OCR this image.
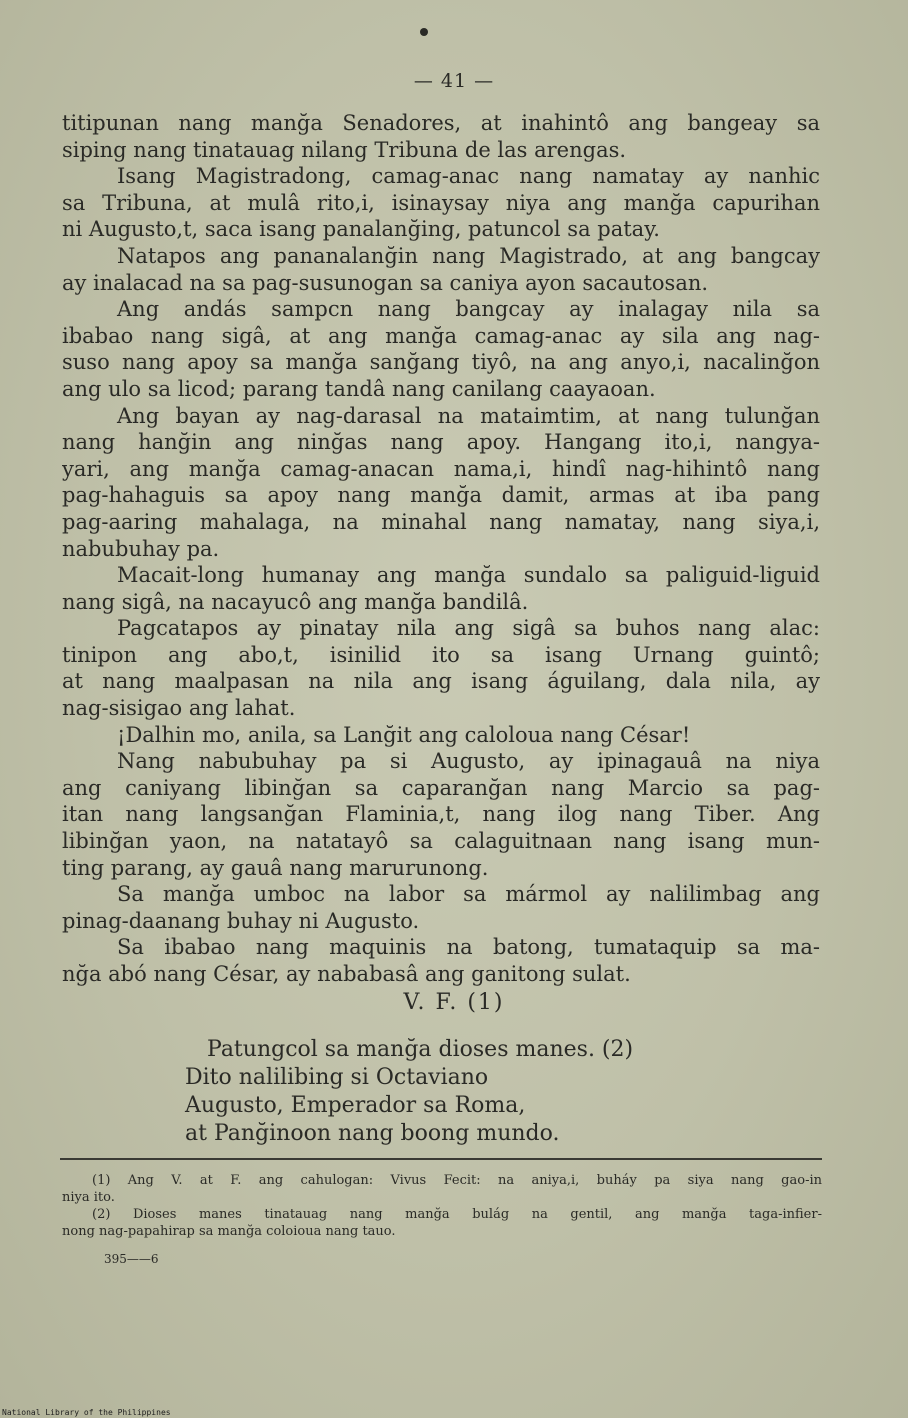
— 41 —
titipunan nang manğa Senadores, at inahintô ang bangeay sa
siping nang tinatauag nilang Tribuna de las arengas.
Isang Magistradong, camag-anac nang namatay ay nanhic
sa Tribuna, at mulâ rito,i, isinaysay niya ang manğa capurihan
ni Augusto,t, saca isang panalanğing, patuncol sa patay.
Natapos ang pananalanğin nang Magistrado, at ang bangcay
ay inalacad na sa pag-susunogan sa caniya ayon sacautosan.
Ang andás sampcn nang bangcay ay inalagay nila sa
ibabao nang sigâ, at ang manğa camag-anac ay sila ang nag-
suso nang apoy sa manğa sanğang tiyô, na ang anyo,i, nacalinğon
ang ulo sa licod; parang tandâ nang canilang caayaoan.
Ang bayan ay nag-darasal na mataimtim, at nang tulunğan
nang hanğin ang ninğas nang apoy. Hangang ito,i, nangya-
yari, ang manğa camag-anacan nama,i, hindî nag-hihintô nang
pag-hahaguis sa apoy nang manğa damit, armas at iba pang
pag-aaring mahalaga, na minahal nang namatay, nang siya,i,
nabubuhay pa.
Macait-long humanay ang manğa sundalo sa paliguid-liguid
nang sigâ, na nacayucô ang manğa bandilâ.
Pagcatapos ay pinatay nila ang sigâ sa buhos nang alac:
tinipon ang abo,t, isinilid ito sa isang Urnang guintô;
at nang maalpasan na nila ang isang águilang, dala nila, ay
nag-sisigao ang lahat.
¡Dalhin mo, anila, sa Lanğit ang caloloua nang César!
Nang nabubuhay pa si Augusto, ay ipinagauâ na niya
ang caniyang libinğan sa caparanğan nang Marcio sa pag-
itan nang langsanğan Flaminia,t, nang ilog nang Tiber. Ang
libinğan yaon, na natatayô sa calaguitnaan nang isang mun-
ting parang, ay gauâ nang marurunong.
Sa manğa umboc na labor sa mármol ay nalilimbag ang
pinag-daanang buhay ni Augusto.
Sa ibabao nang maquinis na batong, tumataquip sa ma-
nğa abó nang César, ay nababasâ ang ganitong sulat.
V. F. (1)
Patungcol sa manğa dioses manes. (2)
Dito nalilibing si Octaviano
Augusto, Emperador sa Roma,
at Panğinoon nang boong mundo.
(1) Ang V. at F. ang cahulogan: Vivus Fecit: na aniya,i, buháy pa siya nang gao-in
niya ito.
(2) Dioses manes tinatauag nang manğa bulág na gentil, ang manğa taga-infier-
nong nag-papahirap sa manğa coloioua nang tauo.
395——6
National Library of the Philippines
